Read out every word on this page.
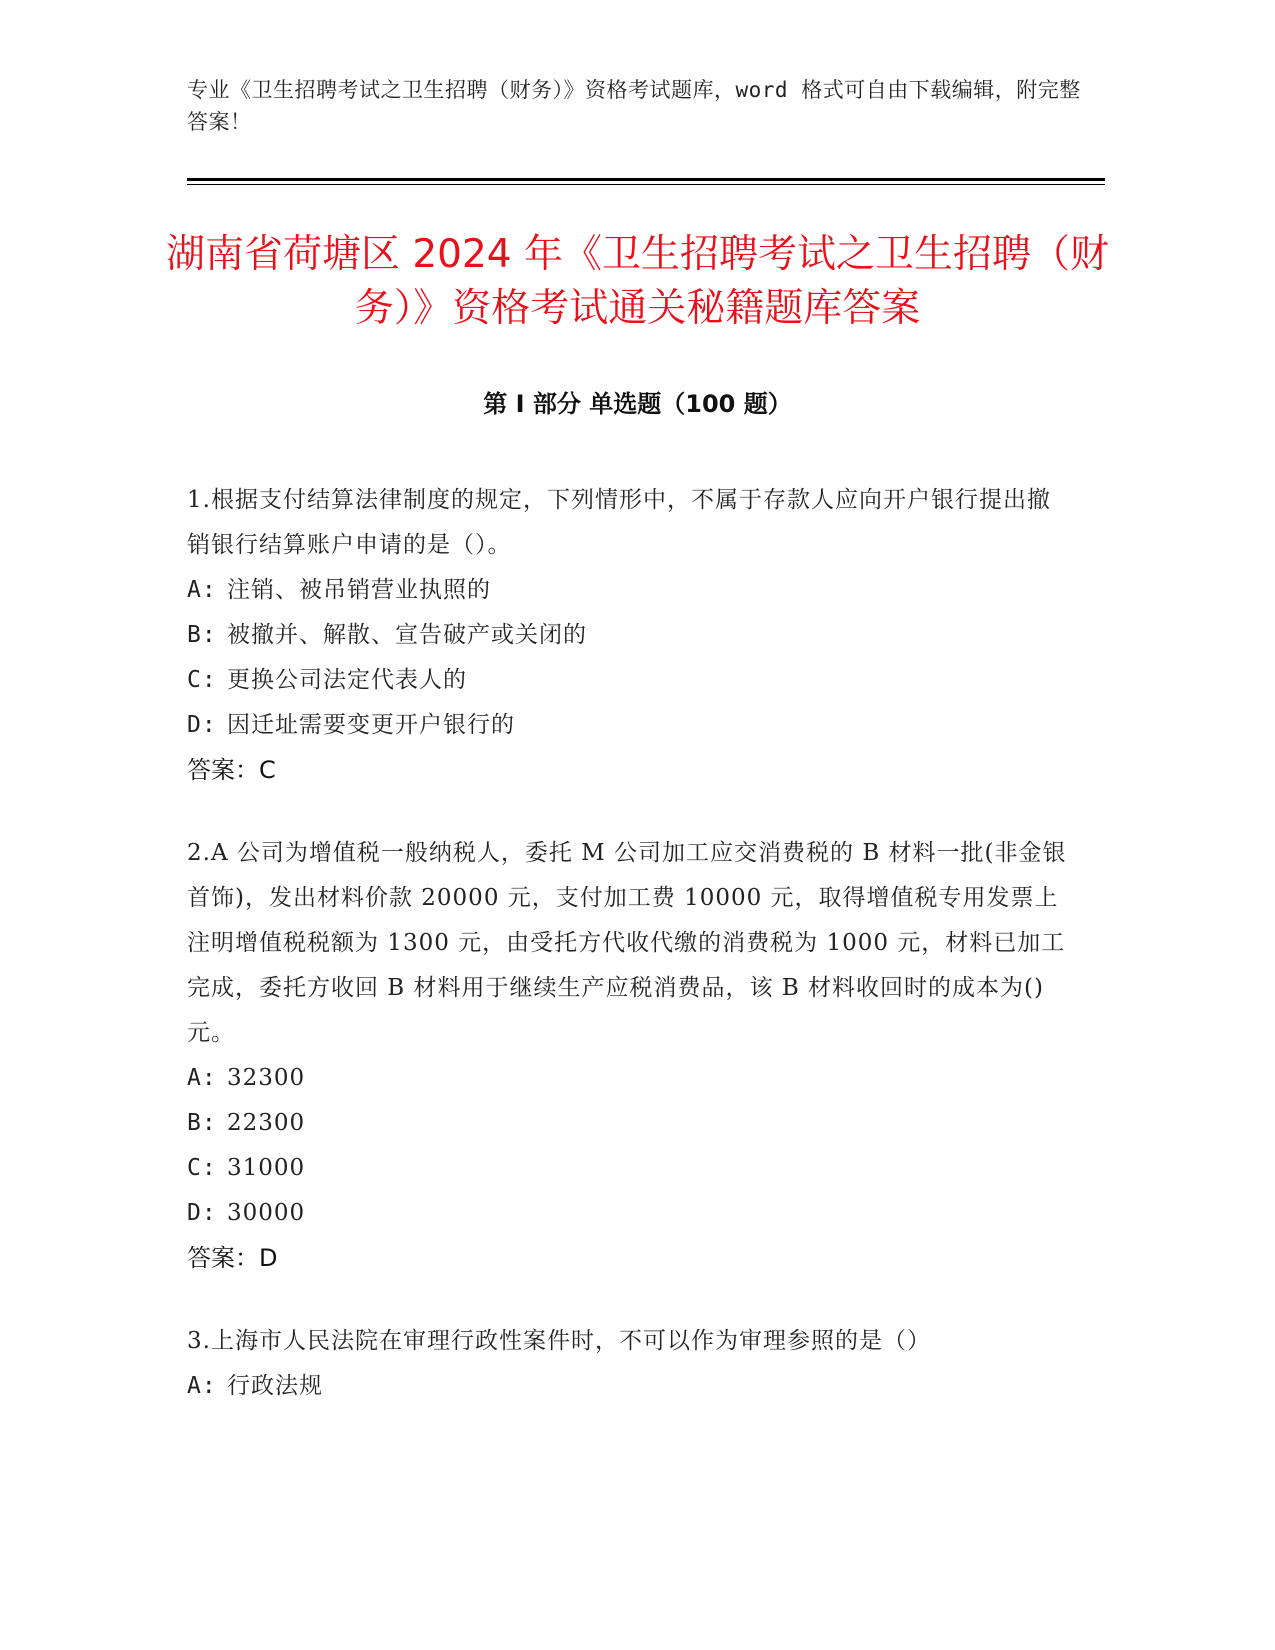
专业《卫生招聘考试之卫生招聘（财务）》资格考试题库，word 格式可自由下载编辑，附完整答案！
湖南省荷塘区 2024 年《卫生招聘考试之卫生招聘（财务）》资格考试通关秘籍题库答案
第 I 部分 单选题（100 题）

1.根据支付结算法律制度的规定，下列情形中，不属于存款人应向开户银行提出撤销银行结算账户申请的是（）。

A: 注销、被吊销营业执照的

B: 被撤并、解散、宣告破产或关闭的

C: 更换公司法定代表人的

D: 因迁址需要变更开户银行的

答案：C

2.A 公司为增值税一般纳税人，委托 M 公司加工应交消费税的 B 材料一批(非金银首饰)，发出材料价款 20000 元，支付加工费 10000 元，取得增值税专用发票上注明增值税税额为 1300 元，由受托方代收代缴的消费税为 1000 元，材料已加工完成，委托方收回 B 材料用于继续生产应税消费品，该 B 材料收回时的成本为()元。

A: 32300

B: 22300

C: 31000

D: 30000

答案：D

3.上海市人民法院在审理行政性案件时，不可以作为审理参照的是（）

A: 行政法规
